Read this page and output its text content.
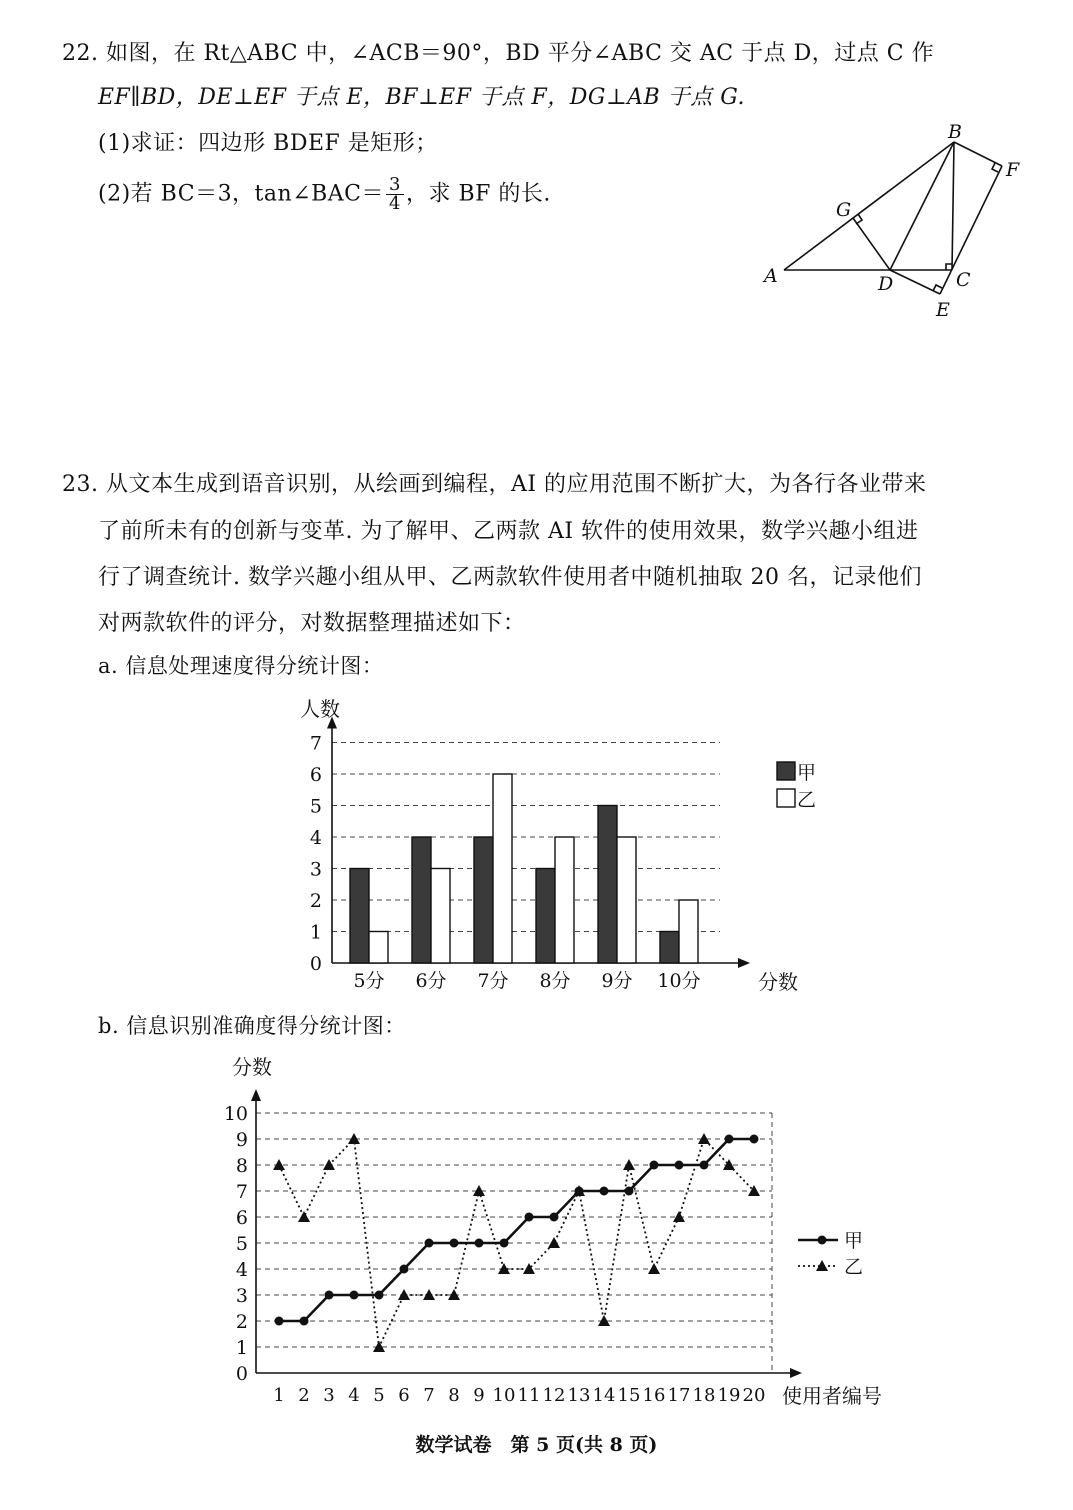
22. 如图，在 Rt△ABC 中，∠ACB＝90°，BD 平分∠ABC 交 AC 于点 D，过点 C 作
EF∥BD，DE⊥EF 于点 E，BF⊥EF 于点 F，DG⊥AB 于点 G.
(1)求证：四边形 BDEF 是矩形；
(2)若 BC＝3，tan∠BAC＝ $\frac{3}{4}$ ，求 BF 的长.
A
B
C
D
E
F
G
23. 从文本生成到语音识别，从绘画到编程，AI 的应用范围不断扩大，为各行各业带来
了前所未有的创新与变革. 为了解甲、乙两款 AI 软件的使用效果，数学兴趣小组进
行了调查统计. 数学兴趣小组从甲、乙两款软件使用者中随机抽取 20 名，记录他们
对两款软件的评分，对数据整理描述如下：
a. 信息处理速度得分统计图：
0
1
2
3
4
5
6
7
人数
分数
5分 6分 7分 8分 9分 10分
甲
乙
b. 信息识别准确度得分统计图：
0
1
2
3
4
5
6
7
8
9
10
分数
使用者编号
1 2 3 4 5 6 7 8 9 10 11 12 13 14 15 16 17 18 19 20
甲
乙
数学试卷　第 5 页(共 8 页)
